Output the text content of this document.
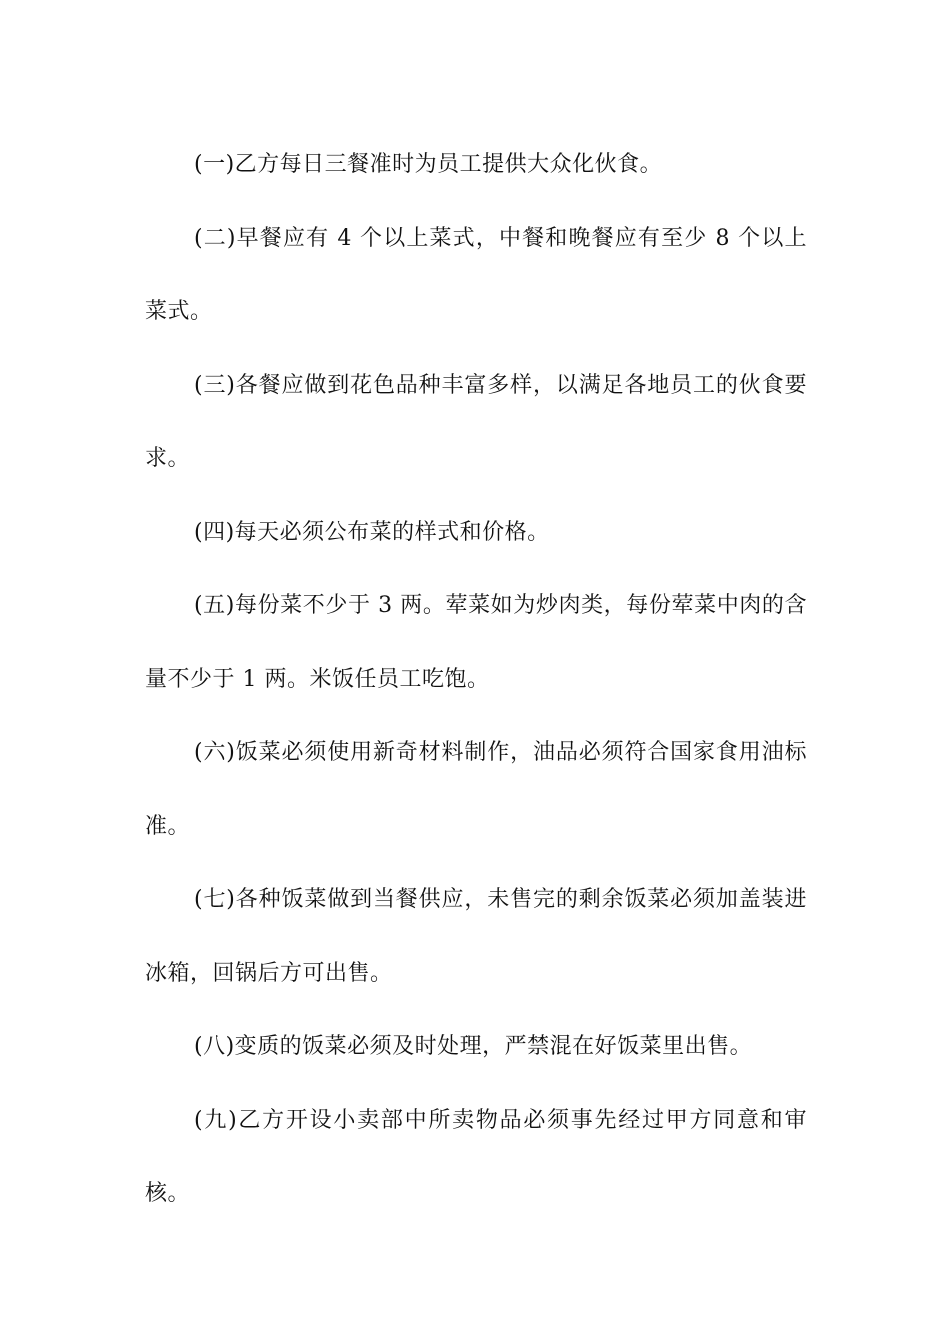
(一)乙方每日三餐准时为员工提供大众化伙食。

(二)早餐应有 4 个以上菜式，中餐和晚餐应有至少 8 个以上菜式。

(三)各餐应做到花色品种丰富多样，以满足各地员工的伙食要求。

(四)每天必须公布菜的样式和价格。

(五)每份菜不少于 3 两。荤菜如为炒肉类，每份荤菜中肉的含量不少于 1 两。米饭任员工吃饱。

(六)饭菜必须使用新奇材料制作，油品必须符合国家食用油标准。

(七)各种饭菜做到当餐供应，未售完的剩余饭菜必须加盖装进冰箱，回锅后方可出售。

(八)变质的饭菜必须及时处理，严禁混在好饭菜里出售。

(九)乙方开设小卖部中所卖物品必须事先经过甲方同意和审核。
